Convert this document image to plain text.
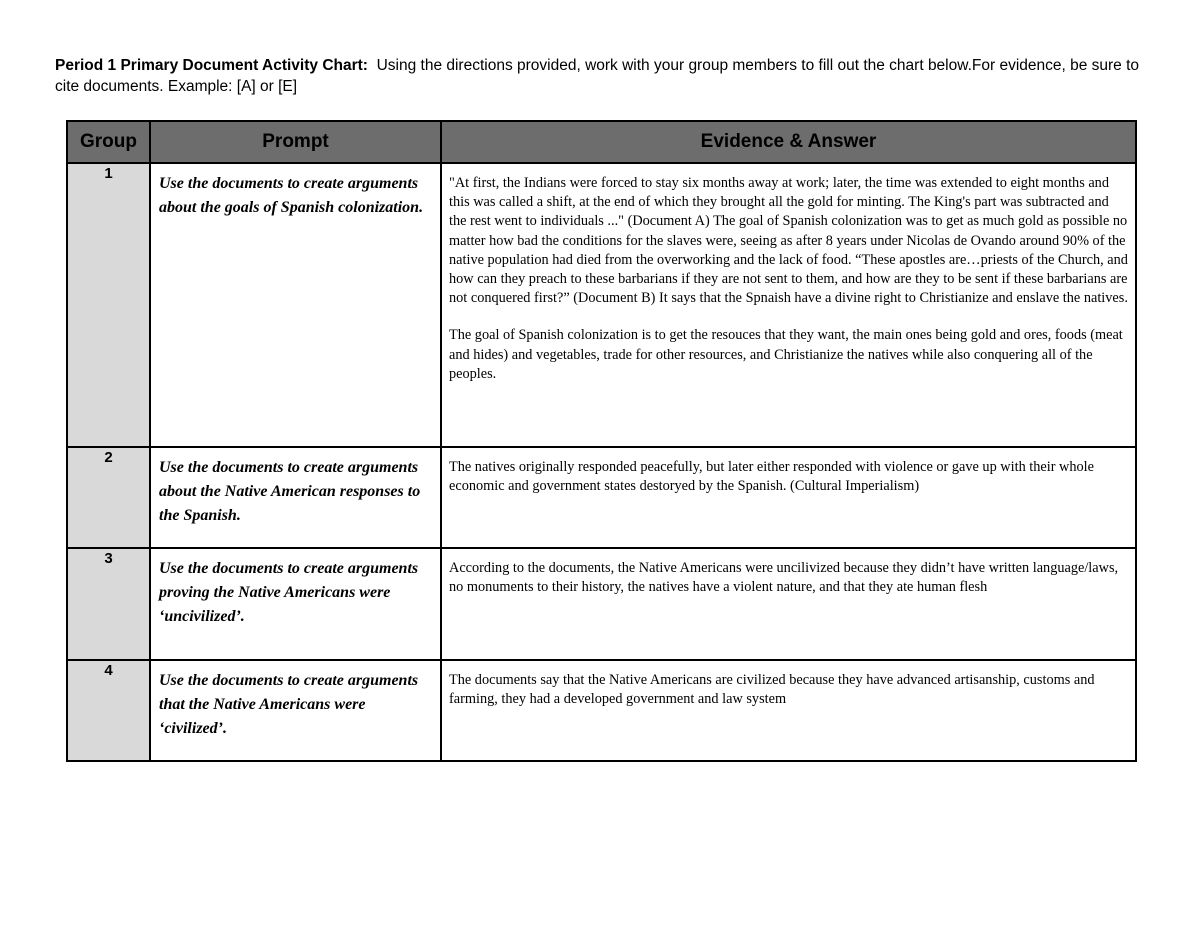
Period 1 Primary Document Activity Chart: Using the directions provided, work with your group members to fill out the chart below.For evidence, be sure to cite documents. Example: [A] or [E]
Group	Prompt	Evidence & Answer
1	Use the documents to create arguments about the goals of Spanish colonization.	"At first, the Indians were forced to stay six months away at work; later, the time was extended to eight months and this was called a shift, at the end of which they brought all the gold for minting. The King's part was subtracted and the rest went to individuals ..." (Document A) The goal of Spanish colonization was to get as much gold as possible no matter how bad the conditions for the slaves were, seeing as after 8 years under Nicolas de Ovando around 90% of the native population had died from the overworking and the lack of food. “These apostles are…priests of the Church, and how can they preach to these barbarians if they are not sent to them, and how are they to be sent if these barbarians are not conquered first?” (Document B) It says that the Spnaish have a divine right to Christianize and enslave the natives.

The goal of Spanish colonization is to get the resouces that they want, the main ones being gold and ores, foods (meat and hides) and vegetables, trade for other resources, and Christianize the natives while also conquering all of the peoples.

2	Use the documents to create arguments about the Native American responses to the Spanish.	The natives originally responded peacefully, but later either responded with violence or gave up with their whole economic and government states destoryed by the Spanish. (Cultural Imperialism)

3	Use the documents to create arguments proving the Native Americans were ‘uncivilized’.	According to the documents, the Native Americans were uncilivized because they didn’t have written language/laws, no monuments to their history, the natives have a violent nature, and that they ate human flesh

4	Use the documents to create arguments that the Native Americans were ‘civilized’.	The documents say that the Native Americans are civilized because they have advanced artisanship, customs and farming, they had a developed government and law system
